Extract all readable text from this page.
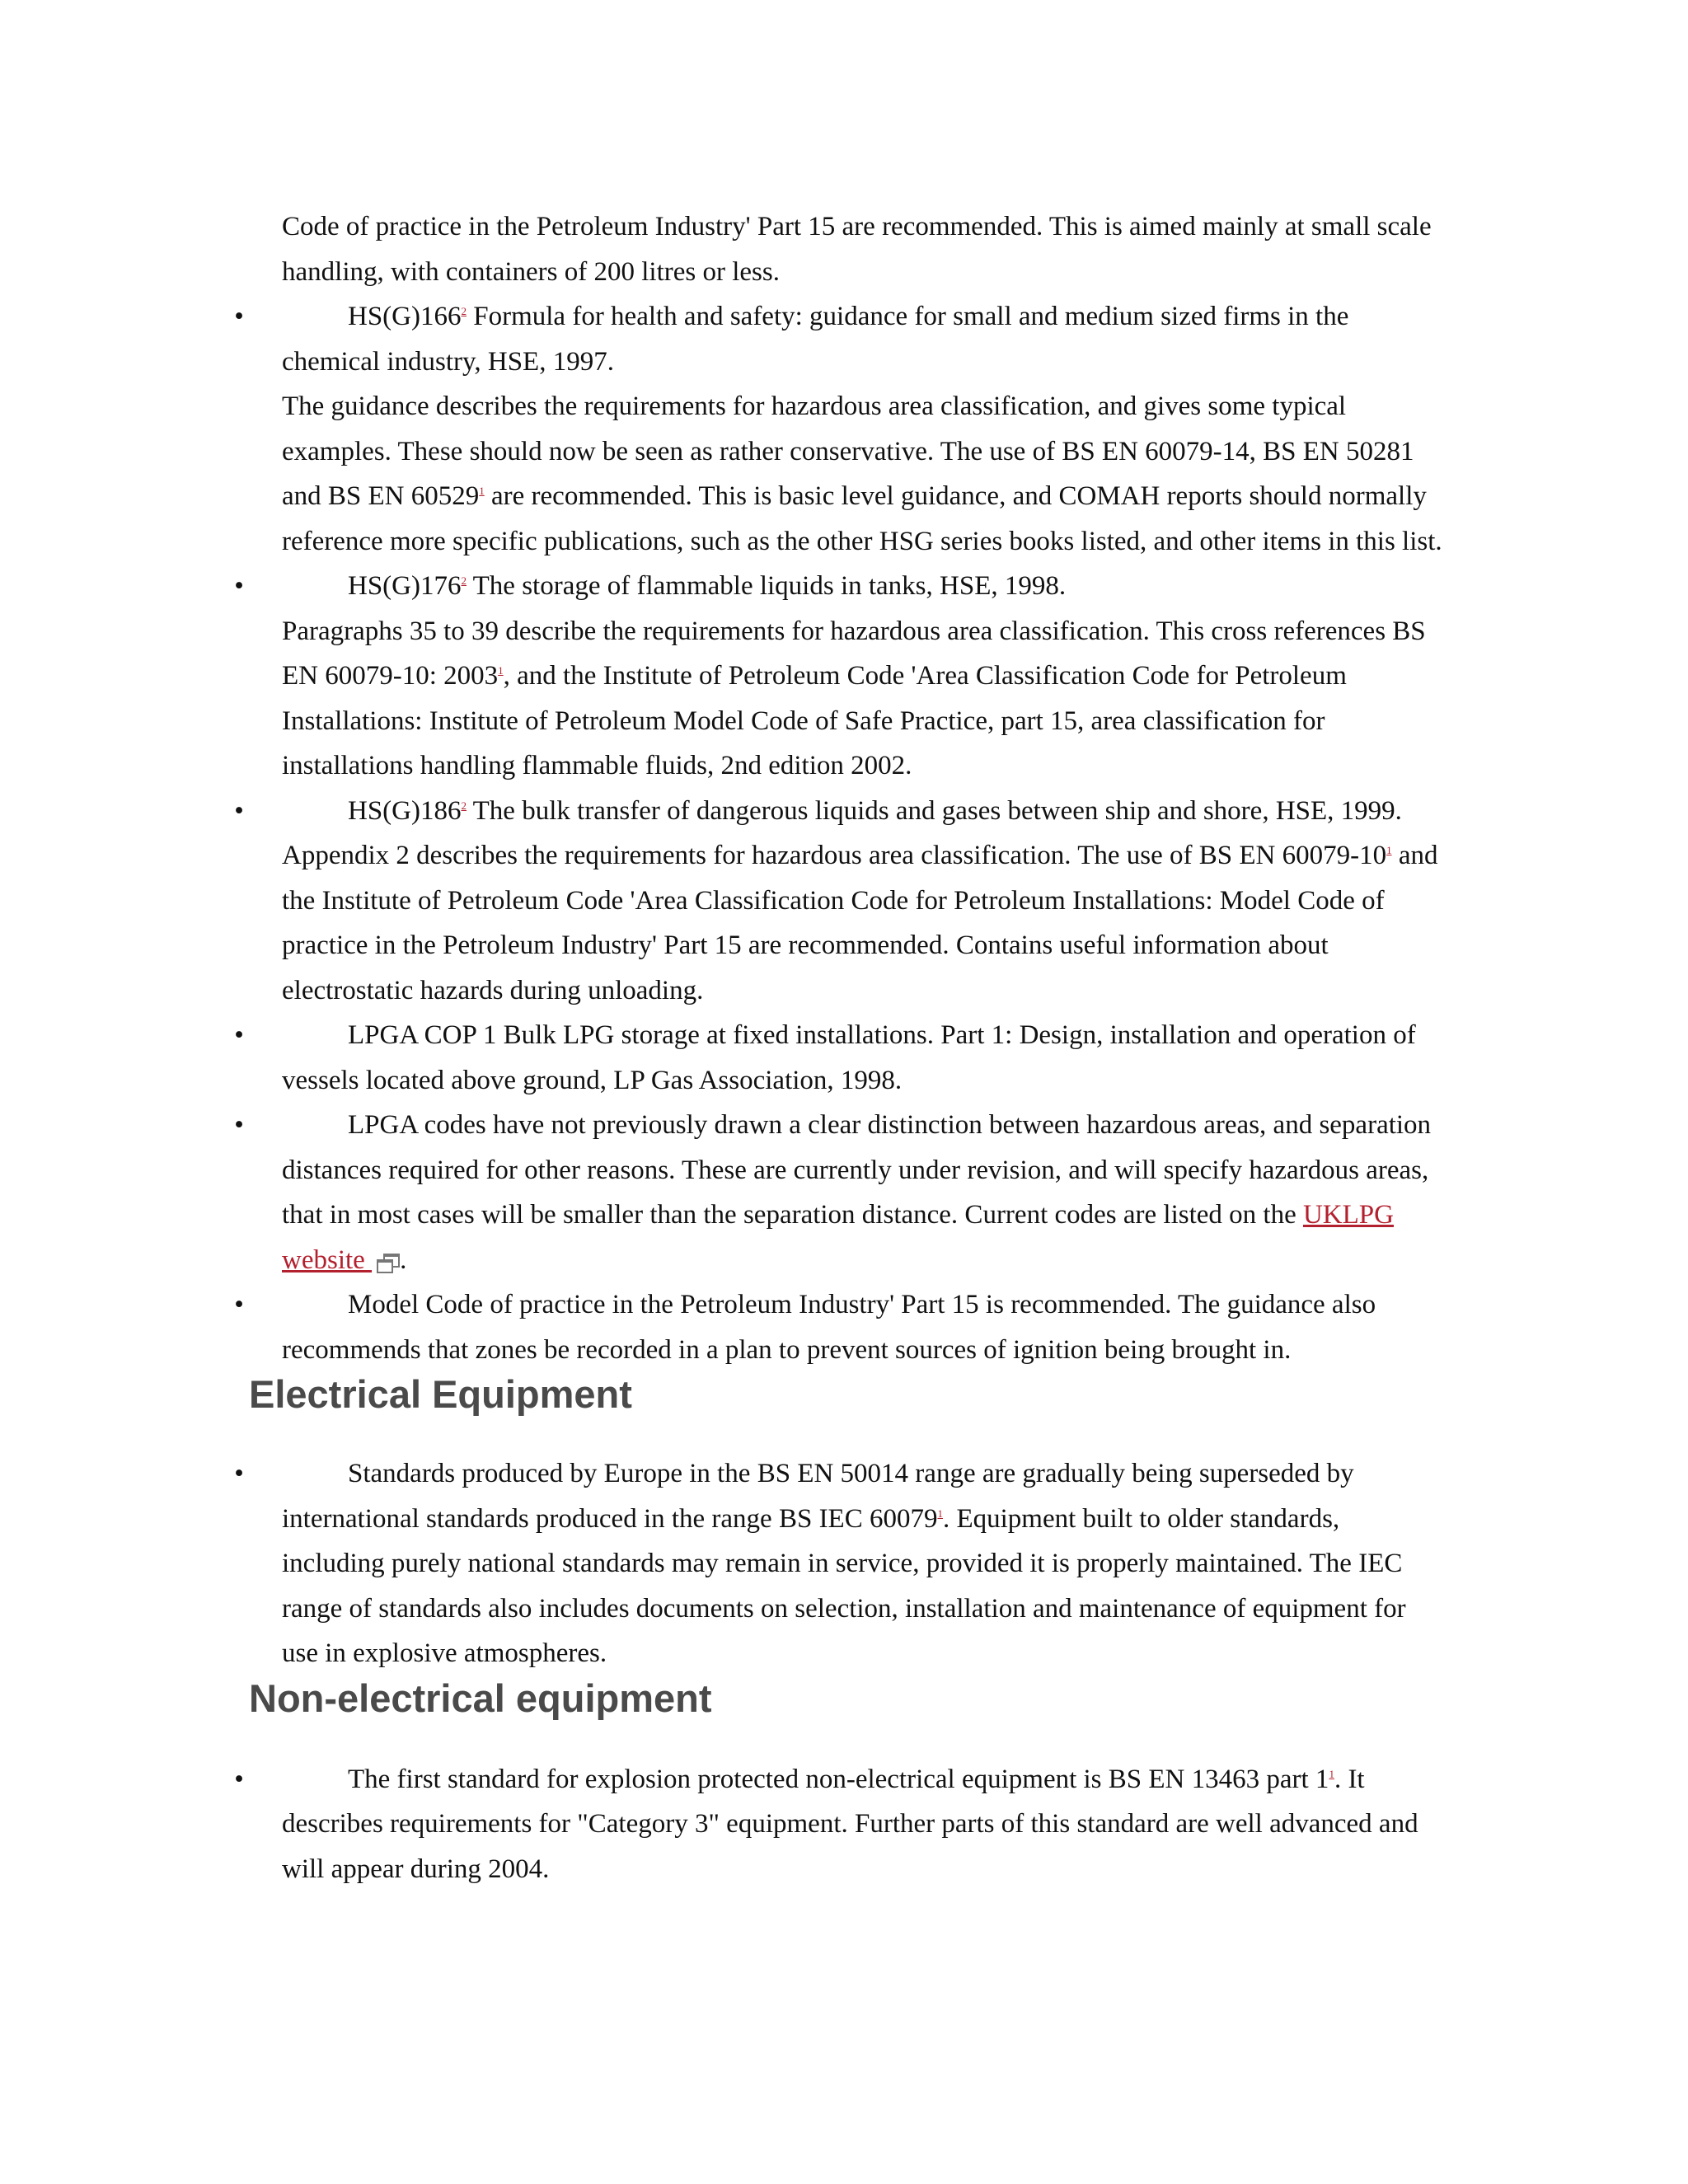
Code of practice in the Petroleum Industry' Part 15 are recommended. This is aimed mainly at small scale handling, with containers of 200 litres or less.

•	$HS(G)166^2$ Formula for health and safety: guidance for small and medium sized firms in the chemical industry, HSE, 1997.

The guidance describes the requirements for hazardous area classification, and gives some typical examples. These should now be seen as rather conservative. The use of BS EN 60079-14, BS EN 50281 and BS EN 60529$^1$ are recommended. This is basic level guidance, and COMAH reports should normally reference more specific publications, such as the other HSG series books listed, and other items in this list.

•	$HS(G)176^2$ The storage of flammable liquids in tanks, HSE, 1998.

Paragraphs 35 to 39 describe the requirements for hazardous area classification. This cross references BS EN 60079-10: 2003$^1$, and the Institute of Petroleum Code 'Area Classification Code for Petroleum Installations: Institute of Petroleum Model Code of Safe Practice, part 15, area classification for installations handling flammable fluids, 2nd edition 2002.

•	$HS(G)186^2$ The bulk transfer of dangerous liquids and gases between ship and shore, HSE, 1999.

Appendix 2 describes the requirements for hazardous area classification. The use of BS EN $60079-10^1$ and the Institute of Petroleum Code 'Area Classification Code for Petroleum Installations: Model Code of practice in the Petroleum Industry' Part 15 are recommended. Contains useful information about electrostatic hazards during unloading.

•	LPGA COP 1 Bulk LPG storage at fixed installations. Part 1: Design, installation and operation of vessels located above ground, LP Gas Association, 1998.
•	LPGA codes have not previously drawn a clear distinction between hazardous areas, and separation distances required for other reasons. These are currently under revision, and will specify hazardous areas, that in most cases will be smaller than the separation distance. Current codes are listed on the UKLPG website
.
•	Model Code of practice in the Petroleum Industry' Part 15 is recommended. The guidance also recommends that zones be recorded in a plan to prevent sources of ignition being brought in.
Electrical Equipment
•	Standards produced by Europe in the BS EN 50014 range are gradually being superseded by international standards produced in the range BS IEC 60079$^1$. Equipment built to older standards, including purely national standards may remain in service, provided it is properly maintained. The IEC range of standards also includes documents on selection, installation and maintenance of equipment for use in explosive atmospheres.
Non-electrical equipment
•	The first standard for explosion protected non-electrical equipment is BS EN 13463 part $1^1$. It describes requirements for "Category 3" equipment. Further parts of this standard are well advanced and will appear during 2004.
